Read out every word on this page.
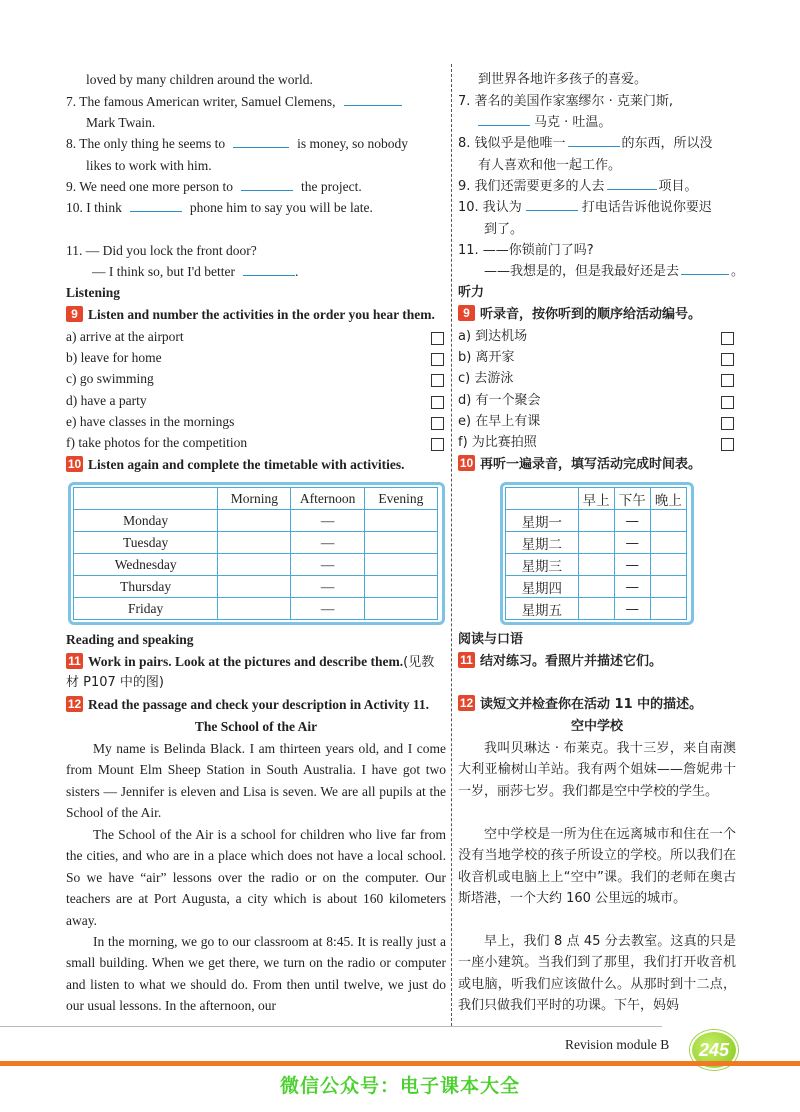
loved by many children around the world.
7. The famous American writer, Samuel Clemens,
Mark Twain.
8. The only thing he seems to	is money, so nobody
likes to work with him.
9. We need one more person to	the project.
10. I think	phone him to say you will be late.
11. — Did you lock the front door?
— I think so, but I'd better	.
Listening
9 Listen and number the activities in the order you hear them.
a) arrive at the airport
b) leave for home
c) go swimming
d) have a party
e) have classes in the mornings
f) take photos for the competition
10 Listen again and complete the timetable with activities.
	Morning	Afternoon	Evening
Monday		—	
Tuesday		—	
Wednesday		—	
Thursday		—	
Friday		—	
Reading and speaking
11 Work in pairs. Look at the pictures and describe them.(见教
材 P107 中的图)
12 Read the passage and check your description in Activity 11.
The School of the Air
My name is Belinda Black. I am thirteen years old, and I come from Mount Elm Sheep Station in South Australia. I have got two sisters — Jennifer is eleven and Lisa is seven. We are all pupils at the School of the Air.
The School of the Air is a school for children who live far from the cities, and who are in a place which does not have a local school. So we have “air” lessons over the radio or on the computer. Our teachers are at Port Augusta, a city which is about 160 kilometers away.
In the morning, we go to our classroom at 8:45. It is really just a small building. When we get there, we turn on the radio or computer and listen to what we should do. From then until twelve, we just do our usual lessons. In the afternoon, our
到世界各地许多孩子的喜爱。
7. 著名的美国作家塞缪尔 · 克莱门斯,
马克 · 吐温。
8. 钱似乎是他唯一	的东西，所以没
有人喜欢和他一起工作。
9. 我们还需要更多的人去	项目。
10. 我认为	打电话告诉他说你要迟
到了。
11. ——你锁前门了吗?
——我想是的，但是我最好还是去	。
听力
9 听录音，按你听到的顺序给活动编号。
a) 到达机场
b) 离开家
c) 去游泳
d) 有一个聚会
e) 在早上有课
f) 为比赛拍照
10 再听一遍录音，填写活动完成时间表。
	早上	下午	晚上
星期一		—	
星期二		—	
星期三		—	
星期四		—	
星期五		—	
阅读与口语
11 结对练习。看照片并描述它们。
12 读短文并检查你在活动 11 中的描述。
空中学校
我叫贝琳达 · 布莱克。我十三岁，来自南澳大利亚榆树山羊站。我有两个姐妹——詹妮弗十一岁，丽莎七岁。我们都是空中学校的学生。
空中学校是一所为住在远离城市和住在一个没有当地学校的孩子所设立的学校。所以我们在收音机或电脑上上“空中”课。我们的老师在奥古斯塔港，一个大约 160 公里远的城市。
早上，我们 8 点 45 分去教室。这真的只是一座小建筑。当我们到了那里，我们打开收音机或电脑，听我们应该做什么。从那时到十二点，我们只做我们平时的功课。下午，妈妈
Revision module B	245
微信公众号：电子课本大全
